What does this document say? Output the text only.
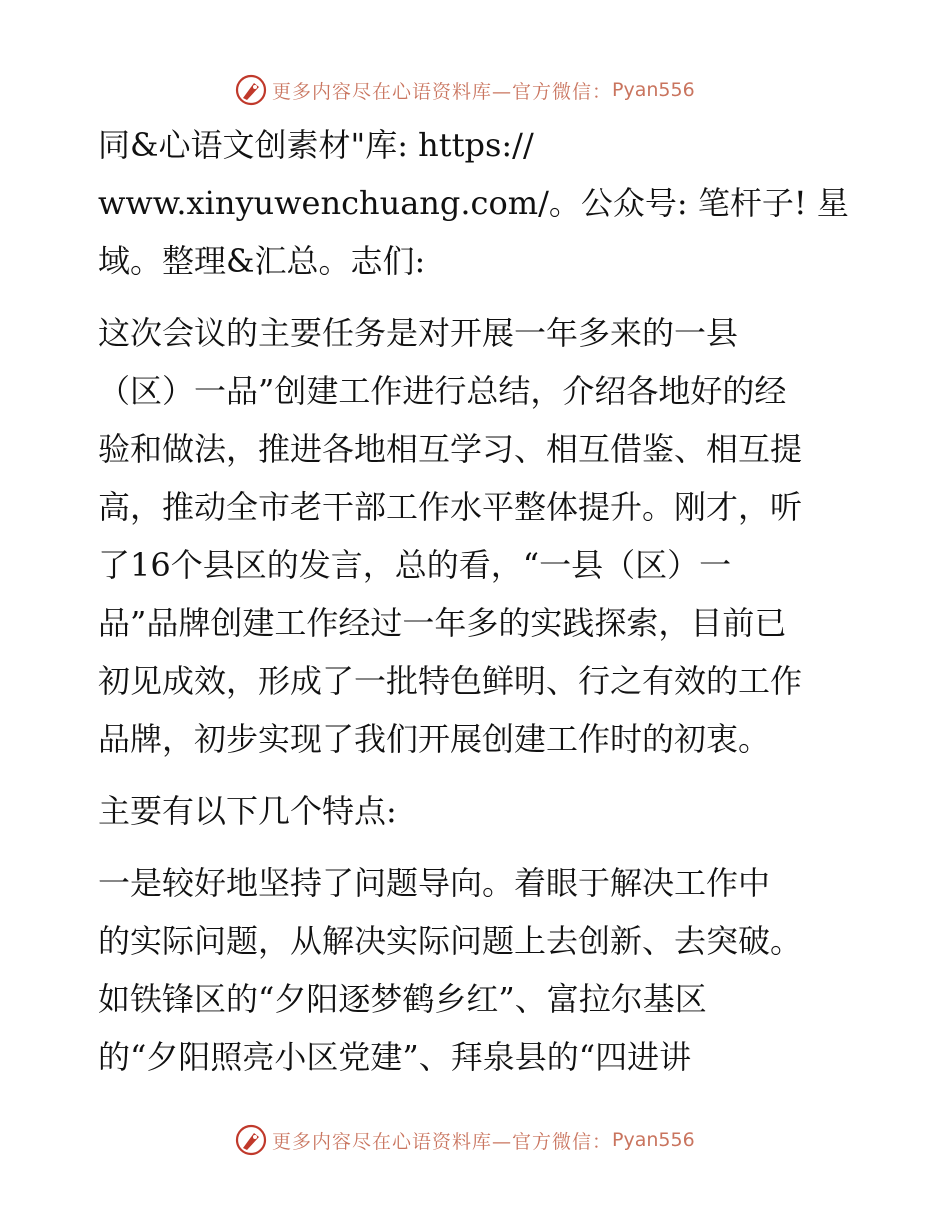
更多内容尽在心语资料库—官方微信： Pyan556
同&心语文创素材"库: https://
www.xinyuwenchuang.com/。公众号: 笔杆子! 星
域。整理&汇总。志们:
这次会议的主要任务是对开展一年多来的一县
（区）一品”创建工作进行总结，介绍各地好的经
验和做法，推进各地相互学习、相互借鉴、相互提
高，推动全市老干部工作水平整体提升。刚才，听
了16个县区的发言，总的看，“一县（区）一
品”品牌创建工作经过一年多的实践探索，目前已
初见成效，形成了一批特色鲜明、行之有效的工作
品牌，初步实现了我们开展创建工作时的初衷。
主要有以下几个特点:
一是较好地坚持了问题导向。着眼于解决工作中
的实际问题，从解决实际问题上去创新、去突破。
如铁锋区的“夕阳逐梦鹤乡红”、富拉尔基区
的“夕阳照亮小区党建”、拜泉县的“四进讲
更多内容尽在心语资料库—官方微信： Pyan556
